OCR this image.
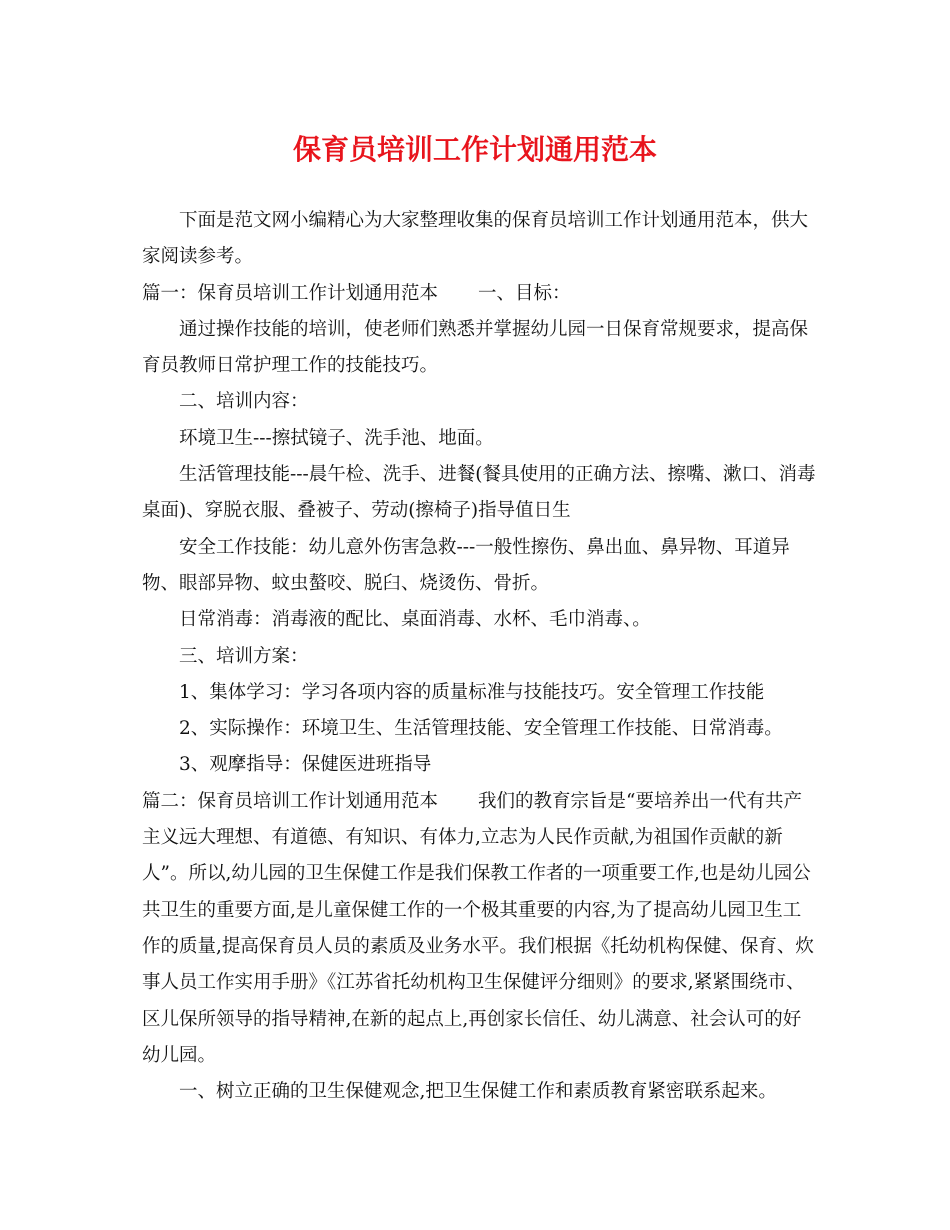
保育员培训工作计划通用范本

下面是范文网小编精心为大家整理收集的保育员培训工作计划通用范本，供大家阅读参考。

篇一：保育员培训工作计划通用范本 一、目标：

通过操作技能的培训，使老师们熟悉并掌握幼儿园一日保育常规要求，提高保育员教师日常护理工作的技能技巧。

二、培训内容：

环境卫生---擦拭镜子、洗手池、地面。

生活管理技能---晨午检、洗手、进餐(餐具使用的正确方法、擦嘴、漱口、消毒桌面)、穿脱衣服、叠被子、劳动(擦椅子)指导值日生

安全工作技能：幼儿意外伤害急救---一般性擦伤、鼻出血、鼻异物、耳道异物、眼部异物、蚊虫螯咬、脱臼、烧烫伤、骨折。

日常消毒：消毒液的配比、桌面消毒、水杯、毛巾消毒、。

三、培训方案：

1、集体学习：学习各项内容的质量标准与技能技巧。安全管理工作技能

2、实际操作：环境卫生、生活管理技能、安全管理工作技能、日常消毒。

3、观摩指导：保健医进班指导

篇二：保育员培训工作计划通用范本 我们的教育宗旨是“要培养出一代有共产主义远大理想、有道德、有知识、有体力,立志为人民作贡献,为祖国作贡献的新人”。所以,幼儿园的卫生保健工作是我们保教工作者的一项重要工作,也是幼儿园公共卫生的重要方面,是儿童保健工作的一个极其重要的内容,为了提高幼儿园卫生工作的质量,提高保育员人员的素质及业务水平。我们根据《托幼机构保健、保育、炊事人员工作实用手册》《江苏省托幼机构卫生保健评分细则》的要求,紧紧围绕市、区儿保所领导的指导精神,在新的起点上,再创家长信任、幼儿满意、社会认可的好幼儿园。

一、树立正确的卫生保健观念,把卫生保健工作和素质教育紧密联系起来。
